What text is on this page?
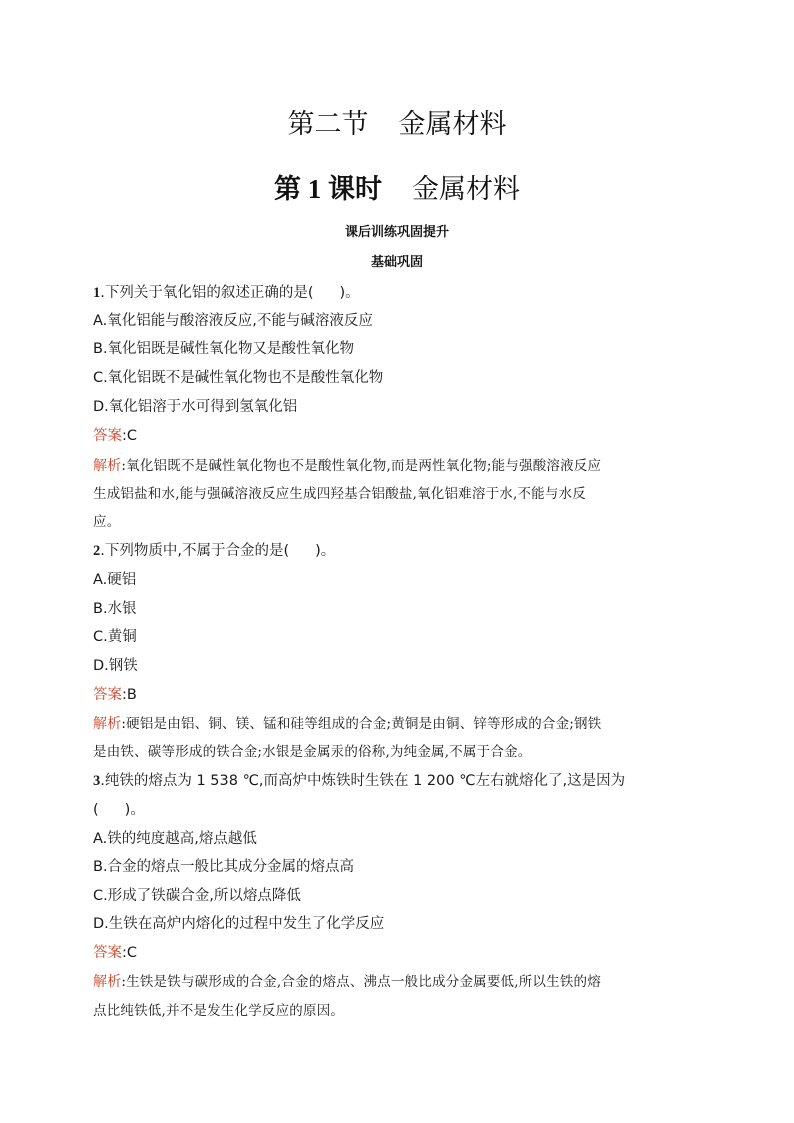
第二节 金属材料
第 1 课时 金属材料
课后训练巩固提升
基础巩固
1.下列关于氧化铝的叙述正确的是( )。
A.氧化铝能与酸溶液反应,不能与碱溶液反应
B.氧化铝既是碱性氧化物又是酸性氧化物
C.氧化铝既不是碱性氧化物也不是酸性氧化物
D.氧化铝溶于水可得到氢氧化铝
答案:C
解析:氧化铝既不是碱性氧化物也不是酸性氧化物,而是两性氧化物;能与强酸溶液反应
生成铝盐和水,能与强碱溶液反应生成四羟基合铝酸盐,氧化铝难溶于水,不能与水反
应。
2.下列物质中,不属于合金的是( )。
A.硬铝
B.水银
C.黄铜
D.钢铁
答案:B
解析:硬铝是由铝、铜、镁、锰和硅等组成的合金;黄铜是由铜、锌等形成的合金;钢铁
是由铁、碳等形成的铁合金;水银是金属汞的俗称,为纯金属,不属于合金。
3.纯铁的熔点为 1 538 ℃,而高炉中炼铁时生铁在 1 200 ℃左右就熔化了,这是因为
( )。
A.铁的纯度越高,熔点越低
B.合金的熔点一般比其成分金属的熔点高
C.形成了铁碳合金,所以熔点降低
D.生铁在高炉内熔化的过程中发生了化学反应
答案:C
解析:生铁是铁与碳形成的合金,合金的熔点、沸点一般比成分金属要低,所以生铁的熔
点比纯铁低,并不是发生化学反应的原因。
